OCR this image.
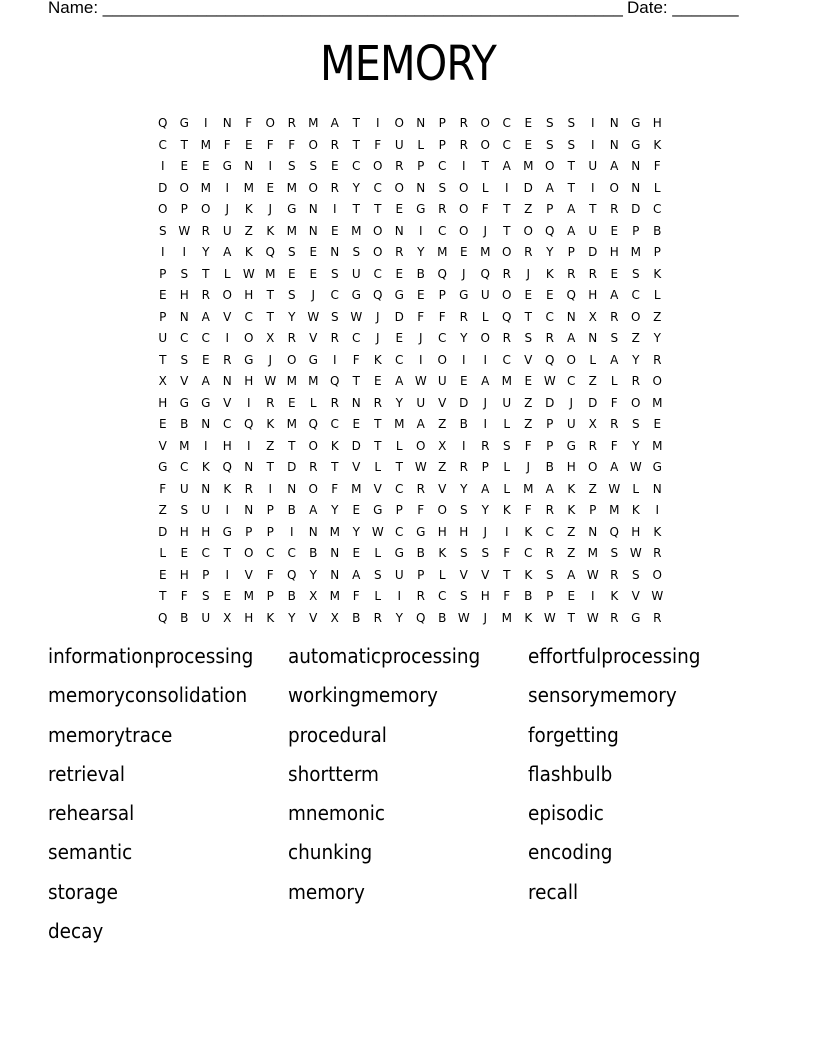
Name: _______________________________________________________ Date: _______
MEMORY
Q	G	I	N	F	O	R	M	A	T	I	O	N	P	R	O	C	E	S	S	I	N	G	H
C	T	M	F	E	F	F	O	R	T	F	U	L	P	R	O	C	E	S	S	I	N	G	K
I	E	E	G	N	I	S	S	E	C	O	R	P	C	I	T	A	M O	T	U	A	N	F
D	O M	I	M	E	M O	R	Y	C	O	N	S	O	L	I	D	A	T	I	O	N	L
O	P	O	J	K	J	G	N	I	T	T	E	G	R	O	F	T	Z	P	A	T	R	D	C
S W R	U	Z	K	M N	E	M O	N	I	C	O	J	T	O	Q	A	U	E	P	B
I	I	Y	A	K	Q	S	E	N	S	O	R	Y	M	E	M O	R	Y	P	D	H M	P
P	S	T	L	W M	E	E	S	U	C	E	B	Q	J	Q	R	J	K	R	R	E	S	K
E	H	R	O	H	T	S	J	C	G	Q	G	E	P	G	U	O	E	E	Q	H	A	C	L
P	N	A	V	C	T	Y W S W	J	D	F	F	R	L	Q	T	C	N	X	R	O	Z
U	C	C	I	O	X	R	V	R	C	J	E	J	C	Y	O	R	S	R	A	N	S	Z	Y
T	S	E	R	G	J	O	G	I	F	K	C	I	O	I	I	C	V	Q	O	L	A	Y	R
X	V	A	N	H W M M Q	T	E	A W U	E	A	M	E W C	Z	L	R	O
H	G	G	V	I	R	E	L	R	N	R	Y	U	V	D	J	U	Z	D	J	D	F	O M
E	B	N	C	Q	K	M Q	C	E	T	M	A	Z	B	I	L	Z	P	U	X	R	S	E
V	M	I	H	I	Z	T	O	K	D	T	L	O	X	I	R	S	F	P	G	R	F	Y	M
G	C	K	Q	N	T	D	R	T	V	L	T W Z	R	P	L	J	B	H	O	A W G
F	U	N	K	R	I	N	O	F	M	V	C	R	V	Y	A	L	M	A	K	Z W	L	N
Z	S	U	I	N	P	B	A	Y	E	G	P	F	O	S	Y	K	F	R	K	P	M	K	I
D	H	H	G	P	P	I	N M	Y W C	G	H	H	J	I	K	C	Z	N	Q	H	K
L	E	C	T	O	C	C	B	N	E	L	G	B	K	S	S	F	C	R	Z	M	S W R
E	H	P	I	V	F	Q	Y	N	A	S	U	P	L	V	V	T	K	S	A W R	S	O
T	F	S	E	M	P	B	X	M	F	L	I	R	C	S	H	F	B	P	E	I	K	V W
Q	B	U	X	H	K	Y	V	X	B	R	Y	Q	B W	J	M	K W T W R	G	R
informationprocessing	automaticprocessing	effortfulprocessing
memoryconsolidation	workingmemory	sensorymemory
memorytrace	procedural	forgetting
retrieval	shortterm	flashbulb
rehearsal	mnemonic	episodic
semantic	chunking	encoding
storage	memory	recall
decay
